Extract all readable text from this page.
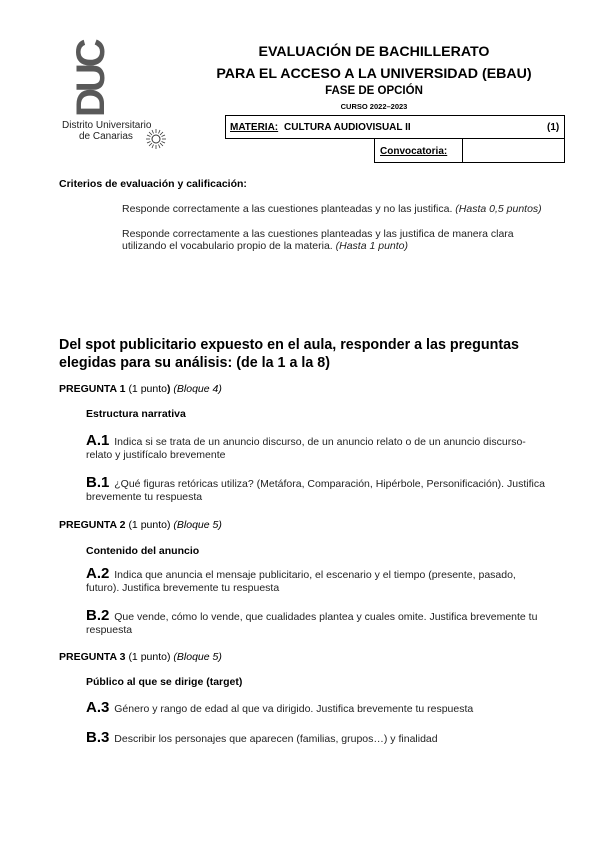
DUC
Distrito Universitario
de Canarias
EVALUACIÓN DE BACHILLERATO
PARA EL ACCESO A LA UNIVERSIDAD (EBAU)
FASE DE OPCIÓN
CURSO 2022–2023
MATERIA: CULTURA AUDIOVISUAL II	(1)
Convocatoria:
Criterios de evaluación y calificación:
Responde correctamente a las cuestiones planteadas y no las justifica. (Hasta 0,5 puntos)
Responde correctamente a las cuestiones planteadas y las justifica de manera clara utilizando el vocabulario propio de la materia. (Hasta 1 punto)
Del spot publicitario expuesto en el aula, responder a las preguntas elegidas para su análisis: (de la 1 a la 8)
PREGUNTA 1 (1 punto) (Bloque 4)
Estructura narrativa
A.1 Indica si se trata de un anuncio discurso, de un anuncio relato o de un anuncio discurso-relato y justifícalo brevemente
B.1 ¿Qué figuras retóricas utiliza? (Metáfora, Comparación, Hipérbole, Personificación). Justifica brevemente tu respuesta
PREGUNTA 2 (1 punto) (Bloque 5)
Contenido del anuncio
A.2 Indica que anuncia el mensaje publicitario, el escenario y el tiempo (presente, pasado, futuro). Justifica brevemente tu respuesta
B.2 Que vende, cómo lo vende, que cualidades plantea y cuales omite. Justifica brevemente tu respuesta
PREGUNTA 3 (1 punto) (Bloque 5)
Público al que se dirige (target)
A.3 Género y rango de edad al que va dirigido. Justifica brevemente tu respuesta
B.3 Describir los personajes que aparecen (familias, grupos…) y finalidad
